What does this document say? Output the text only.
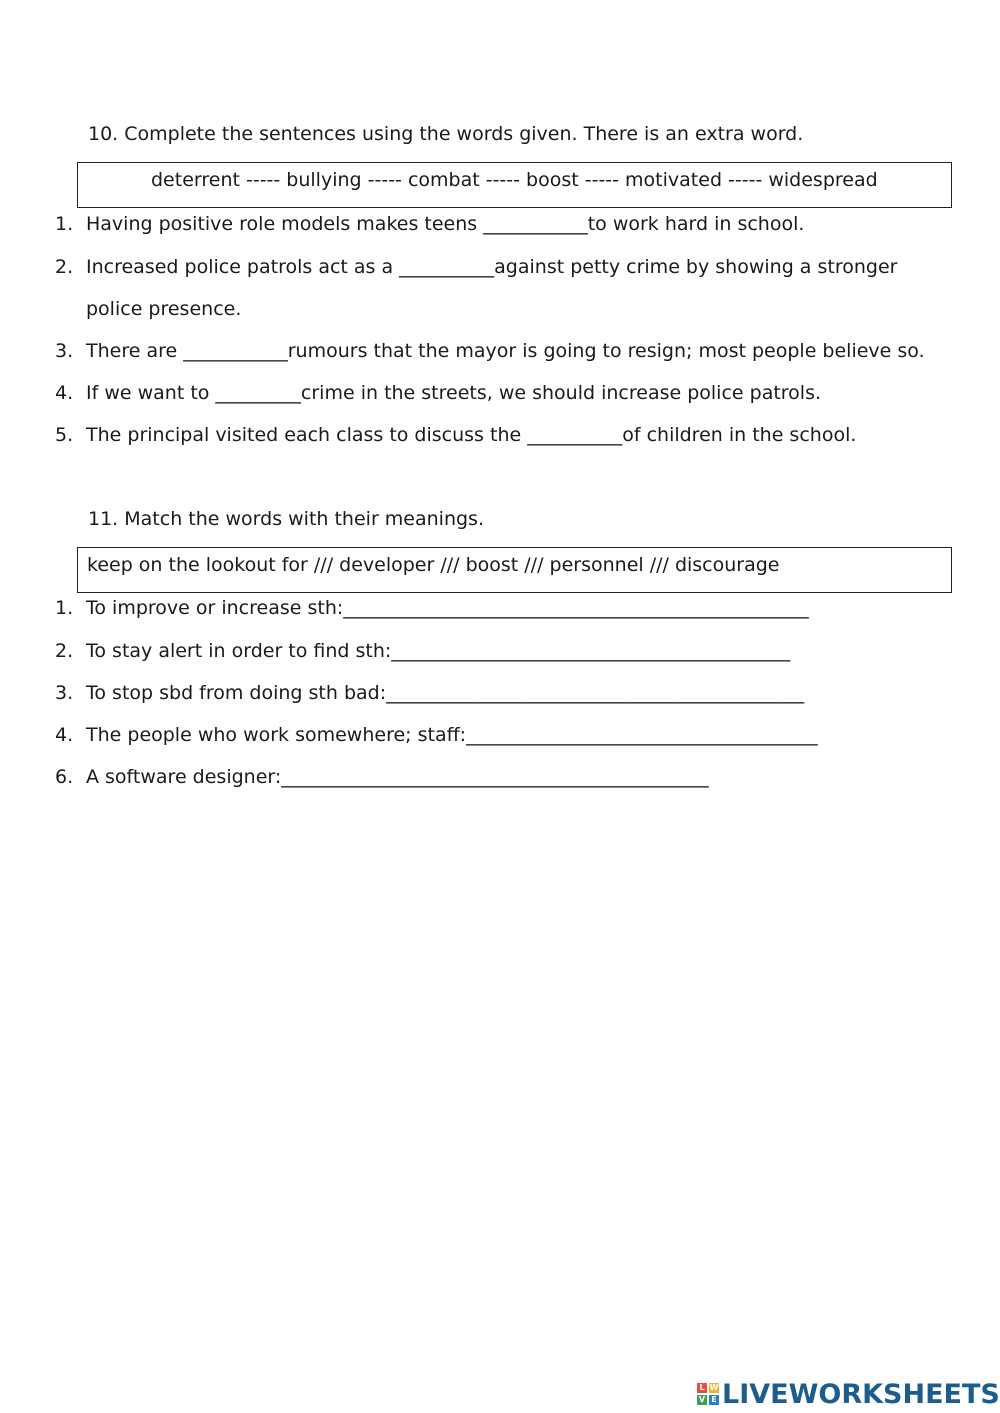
10. Complete the sentences using the words given. There is an extra word.
deterrent ----- bullying ----- combat ----- boost ----- motivated ----- widespread
1. Having positive role models makes teens ___________to work hard in school.
2. Increased police patrols act as a __________against petty crime by showing a stronger
police presence.
3. There are ___________rumours that the mayor is going to resign; most people believe so.
4. If we want to _________crime in the streets, we should increase police patrols.
5. The principal visited each class to discuss the __________of children in the school.
11. Match the words with their meanings.
keep on the lookout for /// developer /// boost /// personnel /// discourage
1. To improve or increase sth:_________________________________________________
2. To stay alert in order to find sth:__________________________________________
3. To stop sbd from doing sth bad:____________________________________________
4. The people who work somewhere; staff:_____________________________________
6. A software designer:_____________________________________________
L W
V E LIVEWORKSHEETS
